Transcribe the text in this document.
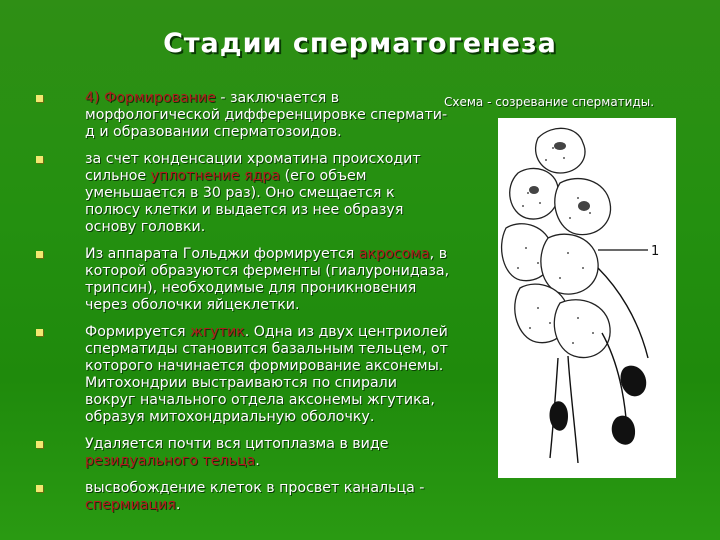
Стадии сперматогенеза
4) Формирование - заключается в морфологической дифференцировке сперматид и образовании сперматозоидов.
за счет конденсации хроматина происходит сильное уплотнение ядра (его объем уменьшается в 30 раз). Оно смещается к полюсу клетки и выдается из нее образуя основу головки.
Из аппарата Гольджи формируется акросома, в которой образуются ферменты (гиалуронидаза, трипсин), необходимые для проникновения через оболочки яйцеклетки.
Формируется жгутик. Одна из двух центриолей сперматиды становится базальным тельцем, от которого начинается формирование аксонемы. Митохондрии выстраиваются по спирали вокруг начального отдела аксонемы жгутика, образуя митохондриальную оболочку.
Удаляется почти вся цитоплазма в виде резидуального тельца.
высвобождение клеток в просвет канальца - спермиация.
Схема - созревание сперматиды.
1
